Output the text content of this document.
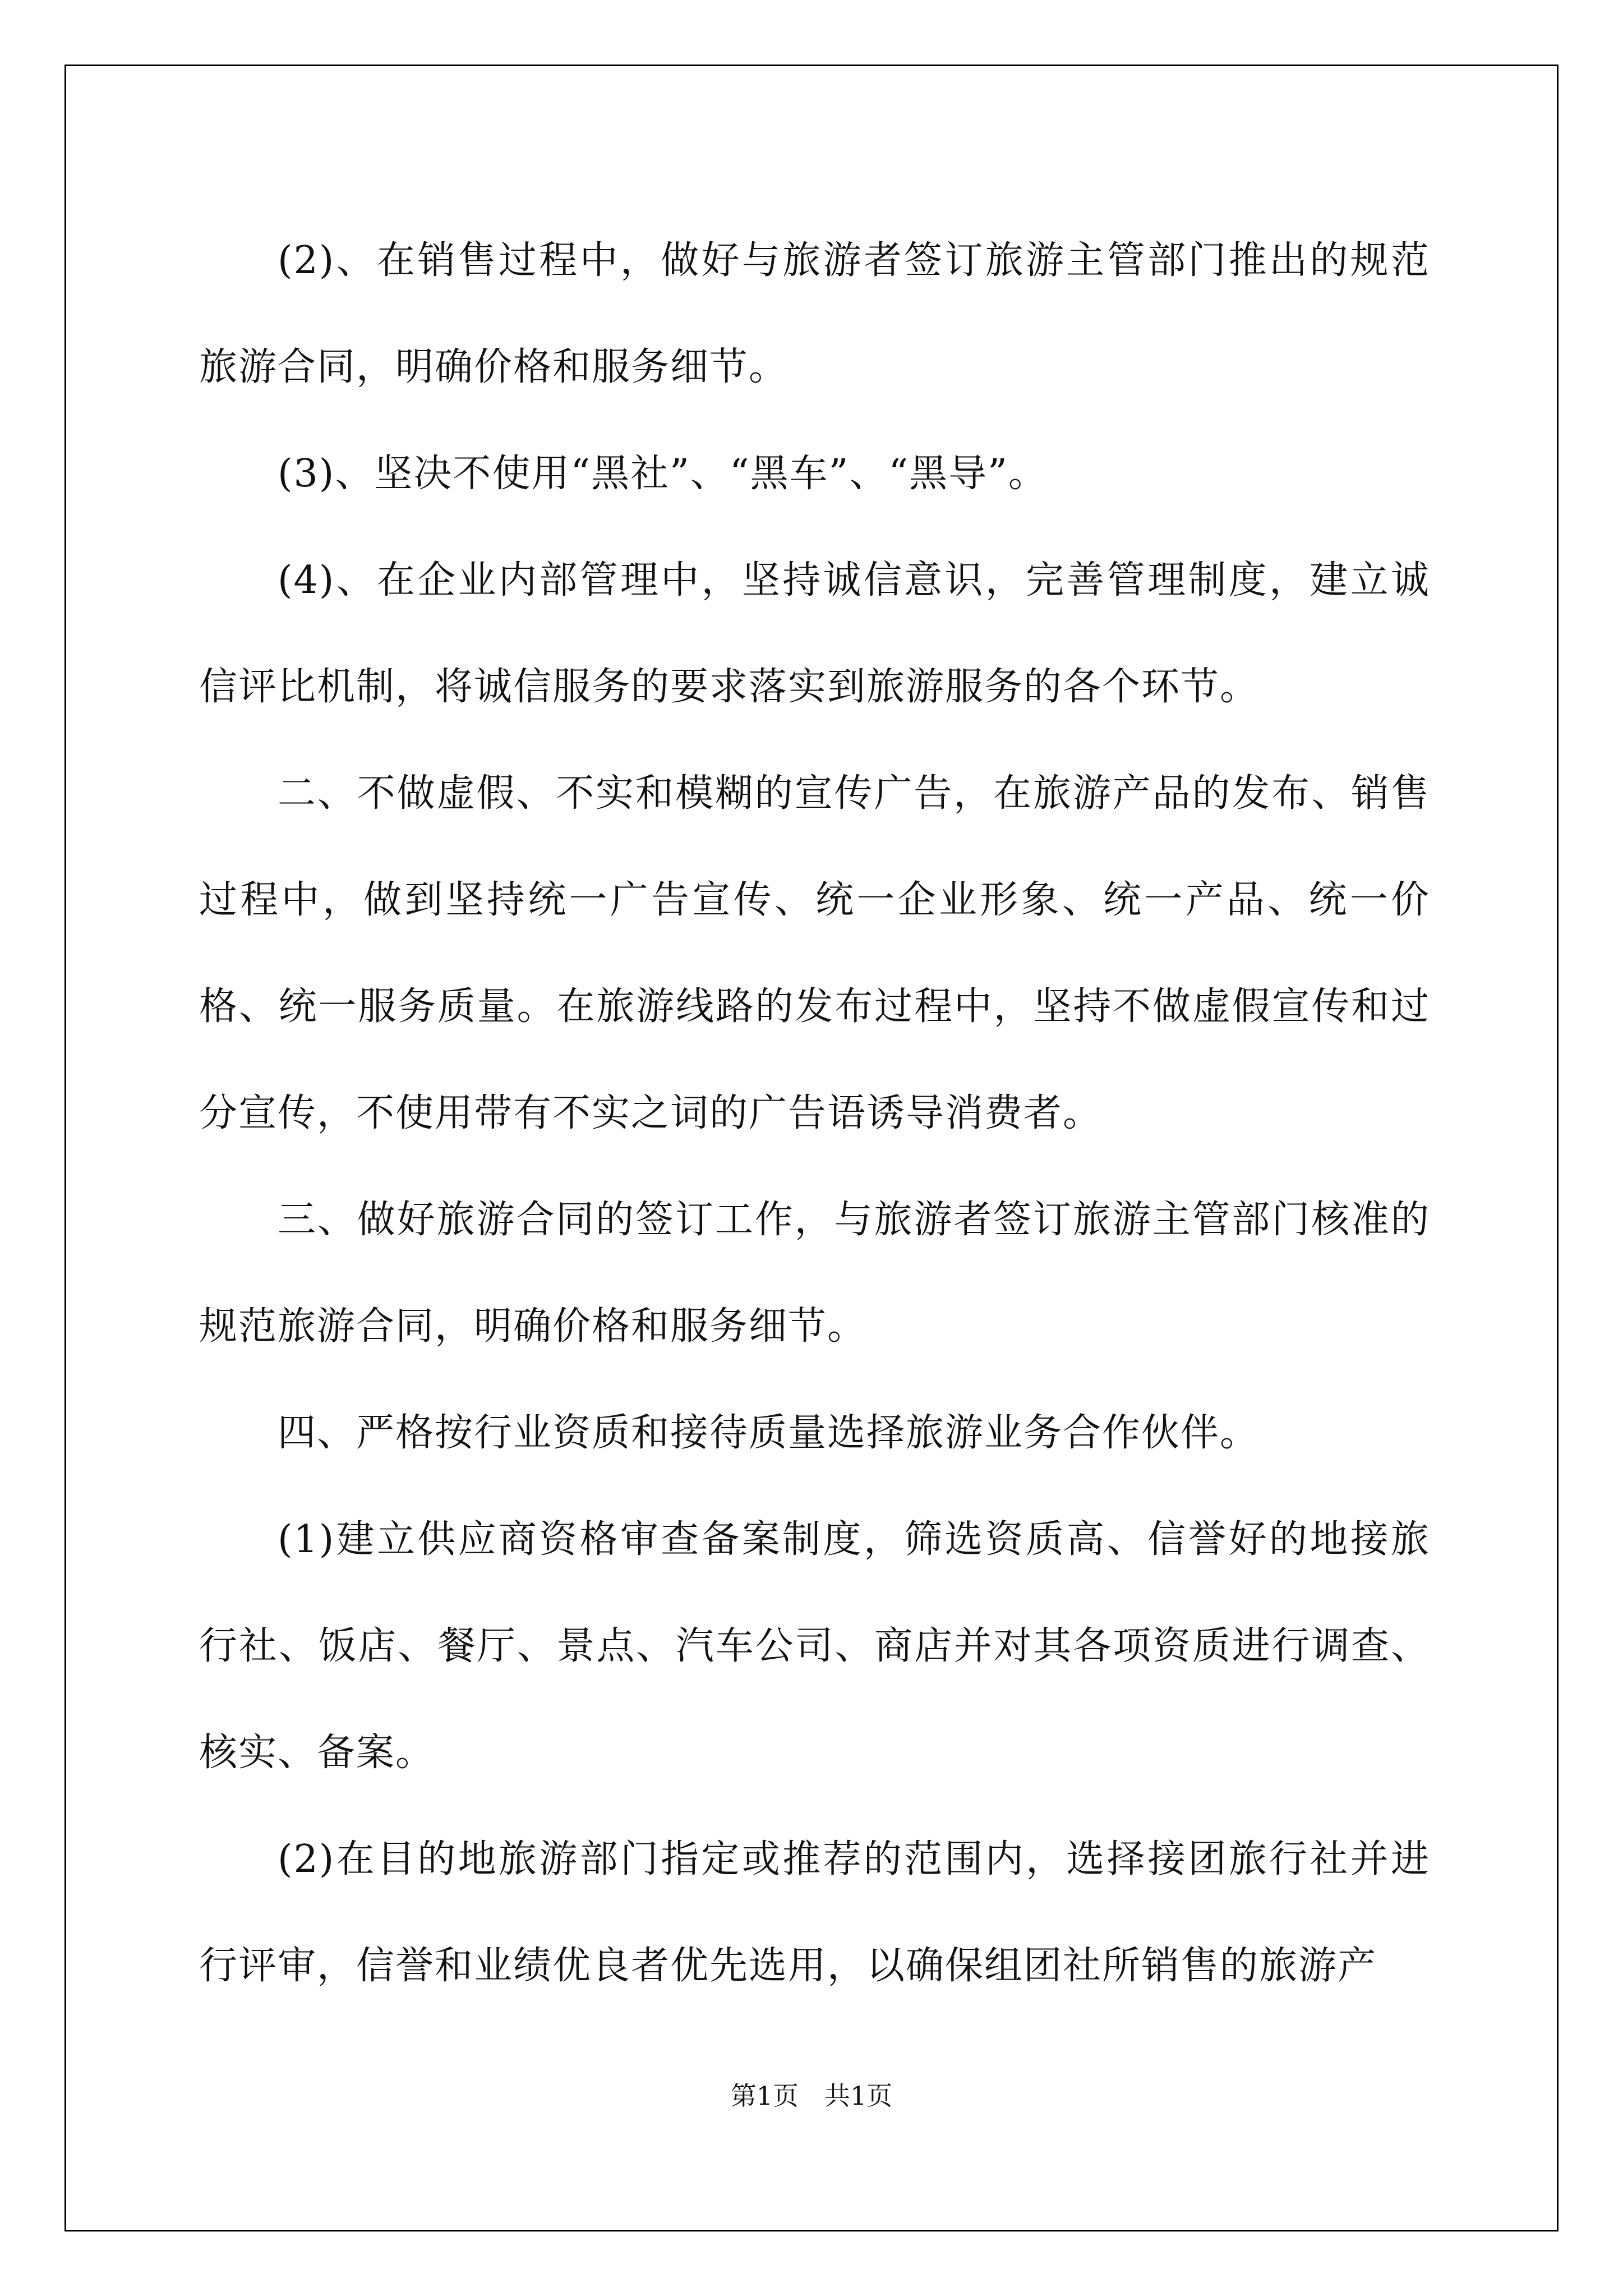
(2)、在销售过程中，做好与旅游者签订旅游主管部门推出的规范旅游合同，明确价格和服务细节。

(3)、坚决不使用“黑社”、“黑车”、“黑导”。

(4)、在企业内部管理中，坚持诚信意识，完善管理制度，建立诚信评比机制，将诚信服务的要求落实到旅游服务的各个环节。

二、不做虚假、不实和模糊的宣传广告，在旅游产品的发布、销售过程中，做到坚持统一广告宣传、统一企业形象、统一产品、统一价格、统一服务质量。在旅游线路的发布过程中，坚持不做虚假宣传和过分宣传，不使用带有不实之词的广告语诱导消费者。

三、做好旅游合同的签订工作，与旅游者签订旅游主管部门核准的规范旅游合同，明确价格和服务细节。

四、严格按行业资质和接待质量选择旅游业务合作伙伴。

(1)建立供应商资格审查备案制度，筛选资质高、信誉好的地接旅行社、饭店、餐厅、景点、汽车公司、商店并对其各项资质进行调查、核实、备案。

(2)在目的地旅游部门指定或推荐的范围内，选择接团旅行社并进行评审，信誉和业绩优良者优先选用，以确保组团社所销售的旅游产

第1页　共1页
